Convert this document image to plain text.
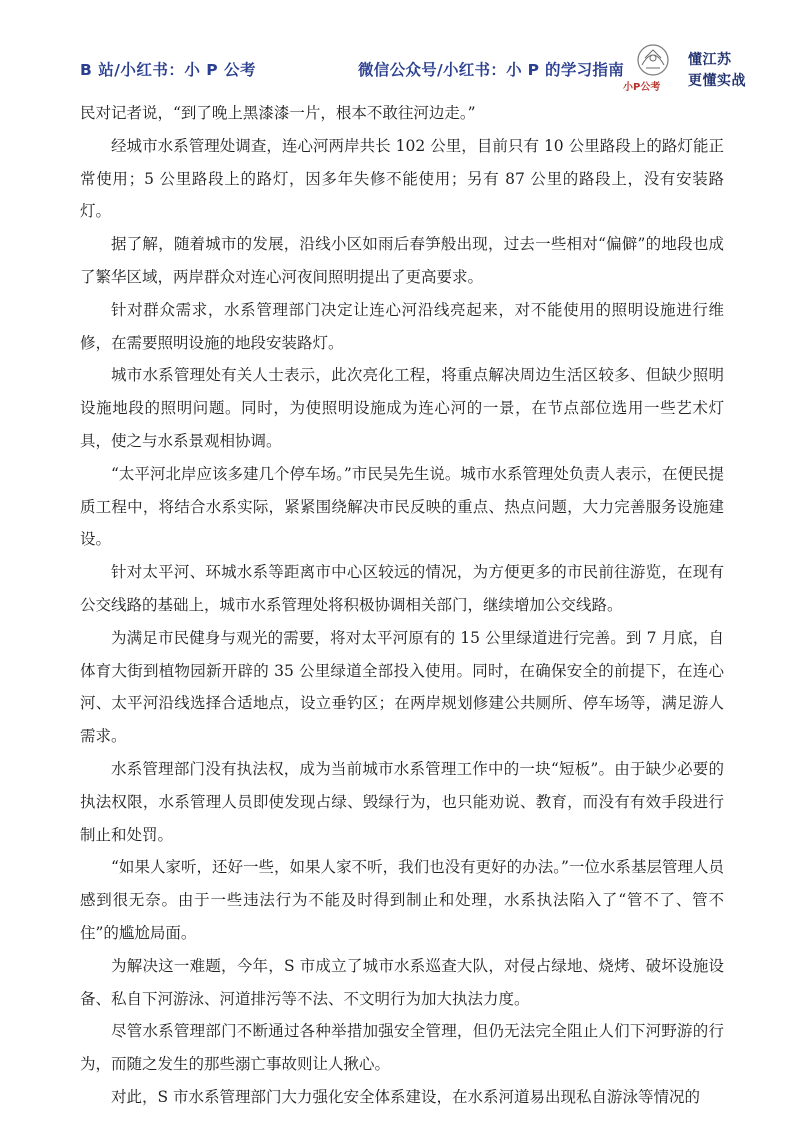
B 站/小红书：小 P 公考	微信公众号/小红书：小 P 的学习指南
小P公考
懂江苏
更懂实战

民对记者说，“到了晚上黑漆漆一片，根本不敢往河边走。”

经城市水系管理处调查，连心河两岸共长 102 公里，目前只有 10 公里路段上的路灯能正常使用；5 公里路段上的路灯，因多年失修不能使用；另有 87 公里的路段上，没有安装路灯。

据了解，随着城市的发展，沿线小区如雨后春笋般出现，过去一些相对“偏僻”的地段也成了繁华区域，两岸群众对连心河夜间照明提出了更高要求。

针对群众需求，水系管理部门决定让连心河沿线亮起来，对不能使用的照明设施进行维修，在需要照明设施的地段安装路灯。

城市水系管理处有关人士表示，此次亮化工程，将重点解决周边生活区较多、但缺少照明设施地段的照明问题。同时，为使照明设施成为连心河的一景，在节点部位选用一些艺术灯具，使之与水系景观相协调。

“太平河北岸应该多建几个停车场。”市民吴先生说。城市水系管理处负责人表示，在便民提质工程中，将结合水系实际，紧紧围绕解决市民反映的重点、热点问题，大力完善服务设施建设。

针对太平河、环城水系等距离市中心区较远的情况，为方便更多的市民前往游览，在现有公交线路的基础上，城市水系管理处将积极协调相关部门，继续增加公交线路。

为满足市民健身与观光的需要，将对太平河原有的 15 公里绿道进行完善。到 7 月底，自体育大街到植物园新开辟的 35 公里绿道全部投入使用。同时，在确保安全的前提下，在连心河、太平河沿线选择合适地点，设立垂钓区；在两岸规划修建公共厕所、停车场等，满足游人需求。

水系管理部门没有执法权，成为当前城市水系管理工作中的一块“短板”。由于缺少必要的执法权限，水系管理人员即使发现占绿、毁绿行为，也只能劝说、教育，而没有有效手段进行制止和处罚。

“如果人家听，还好一些，如果人家不听，我们也没有更好的办法。”一位水系基层管理人员感到很无奈。由于一些违法行为不能及时得到制止和处理，水系执法陷入了“管不了、管不住”的尴尬局面。

为解决这一难题，今年，S 市成立了城市水系巡查大队，对侵占绿地、烧烤、破坏设施设备、私自下河游泳、河道排污等不法、不文明行为加大执法力度。

尽管水系管理部门不断通过各种举措加强安全管理，但仍无法完全阻止人们下河野游的行为，而随之发生的那些溺亡事故则让人揪心。

对此，S 市水系管理部门大力强化安全体系建设，在水系河道易出现私自游泳等情况的
